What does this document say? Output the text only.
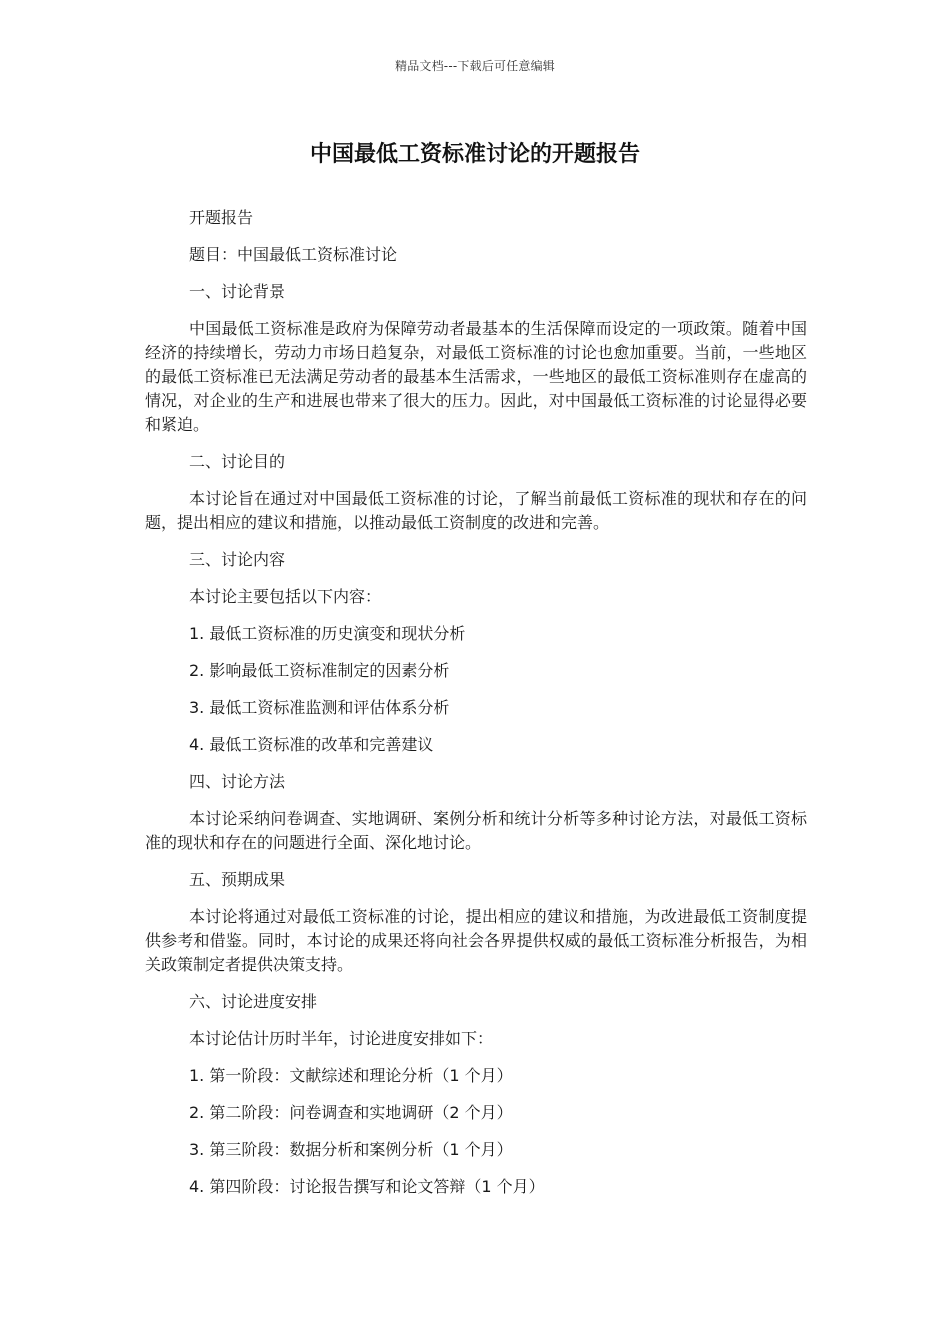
精品文档---下载后可任意编辑
中国最低工资标准讨论的开题报告

开题报告

题目：中国最低工资标准讨论

一、讨论背景

中国最低工资标准是政府为保障劳动者最基本的生活保障而设定的一项政策。随着中国经济的持续增长，劳动力市场日趋复杂，对最低工资标准的讨论也愈加重要。当前，一些地区的最低工资标准已无法满足劳动者的最基本生活需求，一些地区的最低工资标准则存在虚高的情况，对企业的生产和进展也带来了很大的压力。因此，对中国最低工资标准的讨论显得必要和紧迫。

二、讨论目的

本讨论旨在通过对中国最低工资标准的讨论，了解当前最低工资标准的现状和存在的问题，提出相应的建议和措施，以推动最低工资制度的改进和完善。

三、讨论内容

本讨论主要包括以下内容：

1. 最低工资标准的历史演变和现状分析

2. 影响最低工资标准制定的因素分析

3. 最低工资标准监测和评估体系分析

4. 最低工资标准的改革和完善建议

四、讨论方法

本讨论采纳问卷调查、实地调研、案例分析和统计分析等多种讨论方法，对最低工资标准的现状和存在的问题进行全面、深化地讨论。

五、预期成果

本讨论将通过对最低工资标准的讨论，提出相应的建议和措施，为改进最低工资制度提供参考和借鉴。同时，本讨论的成果还将向社会各界提供权威的最低工资标准分析报告，为相关政策制定者提供决策支持。

六、讨论进度安排

本讨论估计历时半年，讨论进度安排如下：

1. 第一阶段：文献综述和理论分析（1 个月）

2. 第二阶段：问卷调查和实地调研（2 个月）

3. 第三阶段：数据分析和案例分析（1 个月）

4. 第四阶段：讨论报告撰写和论文答辩（1 个月）
